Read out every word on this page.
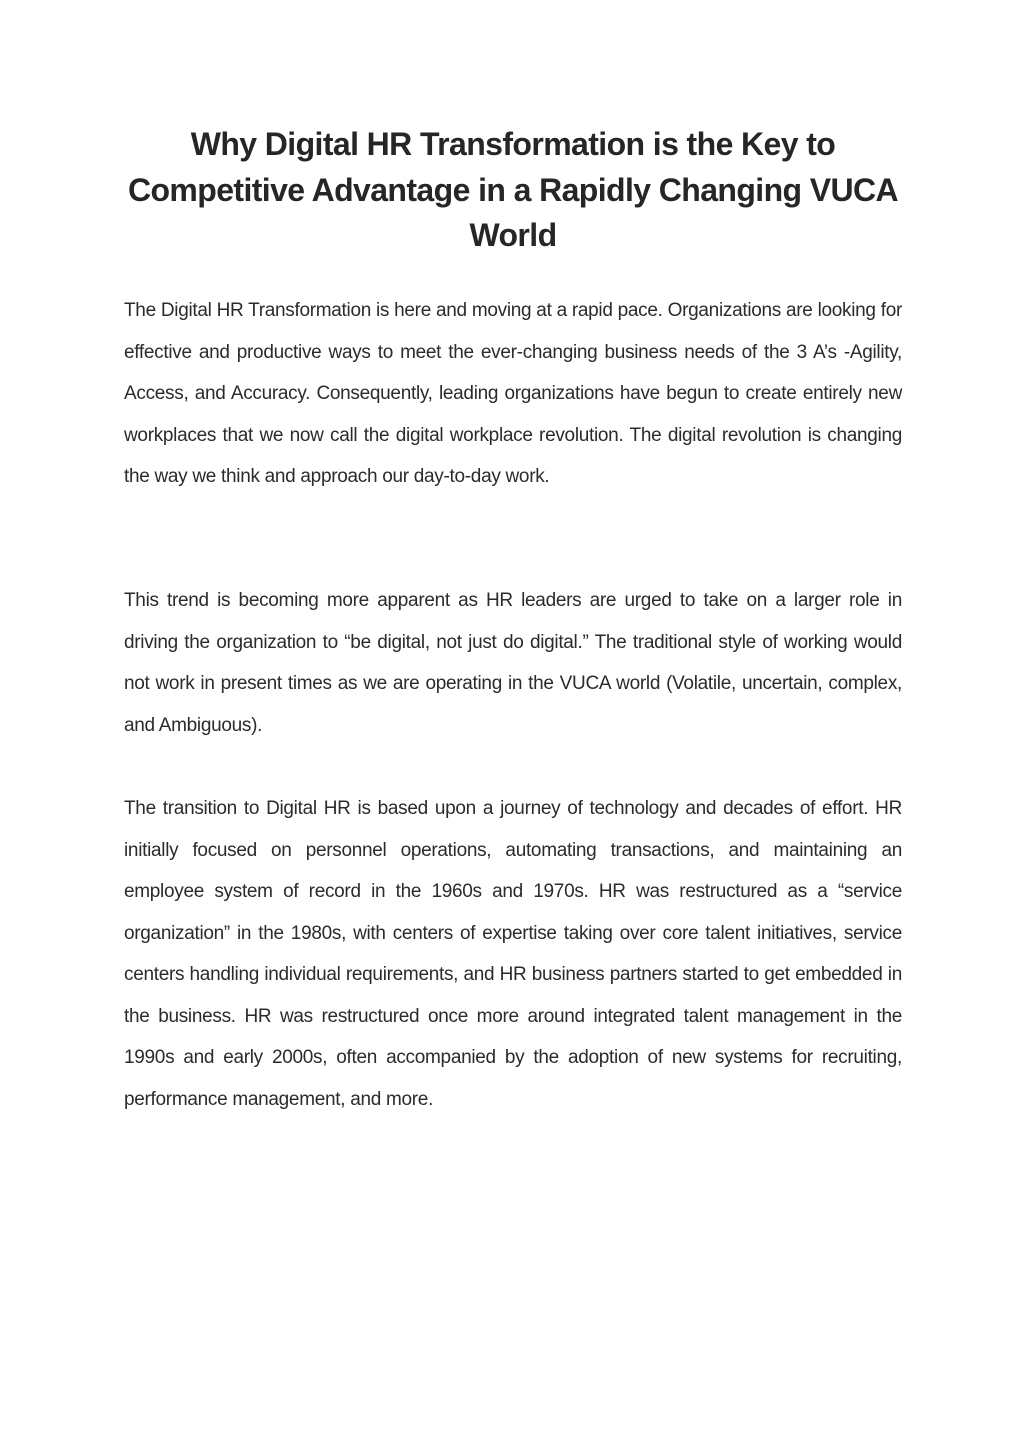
Why Digital HR Transformation is the Key to Competitive Advantage in a Rapidly Changing VUCA World

The Digital HR Transformation is here and moving at a rapid pace. Organizations are looking for effective and productive ways to meet the ever-changing business needs of the 3 A’s -Agility, Access, and Accuracy. Consequently, leading organizations have begun to create entirely new workplaces that we now call the digital workplace revolution. The digital revolution is changing the way we think and approach our day-to-day work.

This trend is becoming more apparent as HR leaders are urged to take on a larger role in driving the organization to “be digital, not just do digital.” The traditional style of working would not work in present times as we are operating in the VUCA world (Volatile, uncertain, complex, and Ambiguous).

The transition to Digital HR is based upon a journey of technology and decades of effort. HR initially focused on personnel operations, automating transactions, and maintaining an employee system of record in the 1960s and 1970s. HR was restructured as a “service organization” in the 1980s, with centers of expertise taking over core talent initiatives, service centers handling individual requirements, and HR business partners started to get embedded in the business. HR was restructured once more around integrated talent management in the 1990s and early 2000s, often accompanied by the adoption of new systems for recruiting, performance management, and more.
